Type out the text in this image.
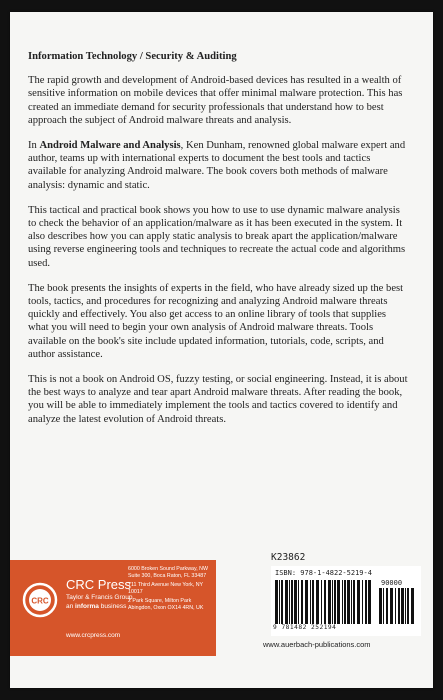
Information Technology / Security & Auditing

The rapid growth and development of Android-based devices has resulted in a wealth of sensitive information on mobile devices that offer minimal malware protection. This has created an immediate demand for security professionals that understand how to best approach the subject of Android malware threats and analysis.

In Android Malware and Analysis, Ken Dunham, renowned global malware expert and author, teams up with international experts to document the best tools and tactics available for analyzing Android malware. The book covers both methods of malware analysis: dynamic and static.

This tactical and practical book shows you how to use to use dynamic malware analysis to check the behavior of an application/malware as it has been executed in the system. It also describes how you can apply static analysis to break apart the application/malware using reverse engineering tools and techniques to recreate the actual code and algorithms used.

The book presents the insights of experts in the field, who have already sized up the best tools, tactics, and procedures for recognizing and analyzing Android malware threats quickly and effectively. You also get access to an online library of tools that supplies what you will need to begin your own analysis of Android malware threats. Tools available on the book's site include updated information, tutorials, code, scripts, and author assistance.

This is not a book on Android OS, fuzzy testing, or social engineering. Instead, it is about the best ways to analyze and tear apart Android malware threats. After reading the book, you will be able to immediately implement the tools and tactics covered to identify and analyze the latest evolution of Android threats.

CRC
CRC Press
Taylor & Francis Group
an informa business
www.crcpress.com
6000 Broken Sound Parkway, NW Suite 300, Boca Raton, FL 33487
711 Third Avenue New York, NY 10017
2 Park Square, Milton Park Abingdon, Oxon OX14 4RN, UK
K23862
ISBN: 978-1-4822-5219-4
90000
9 781482 252194
www.auerbach-publications.com
